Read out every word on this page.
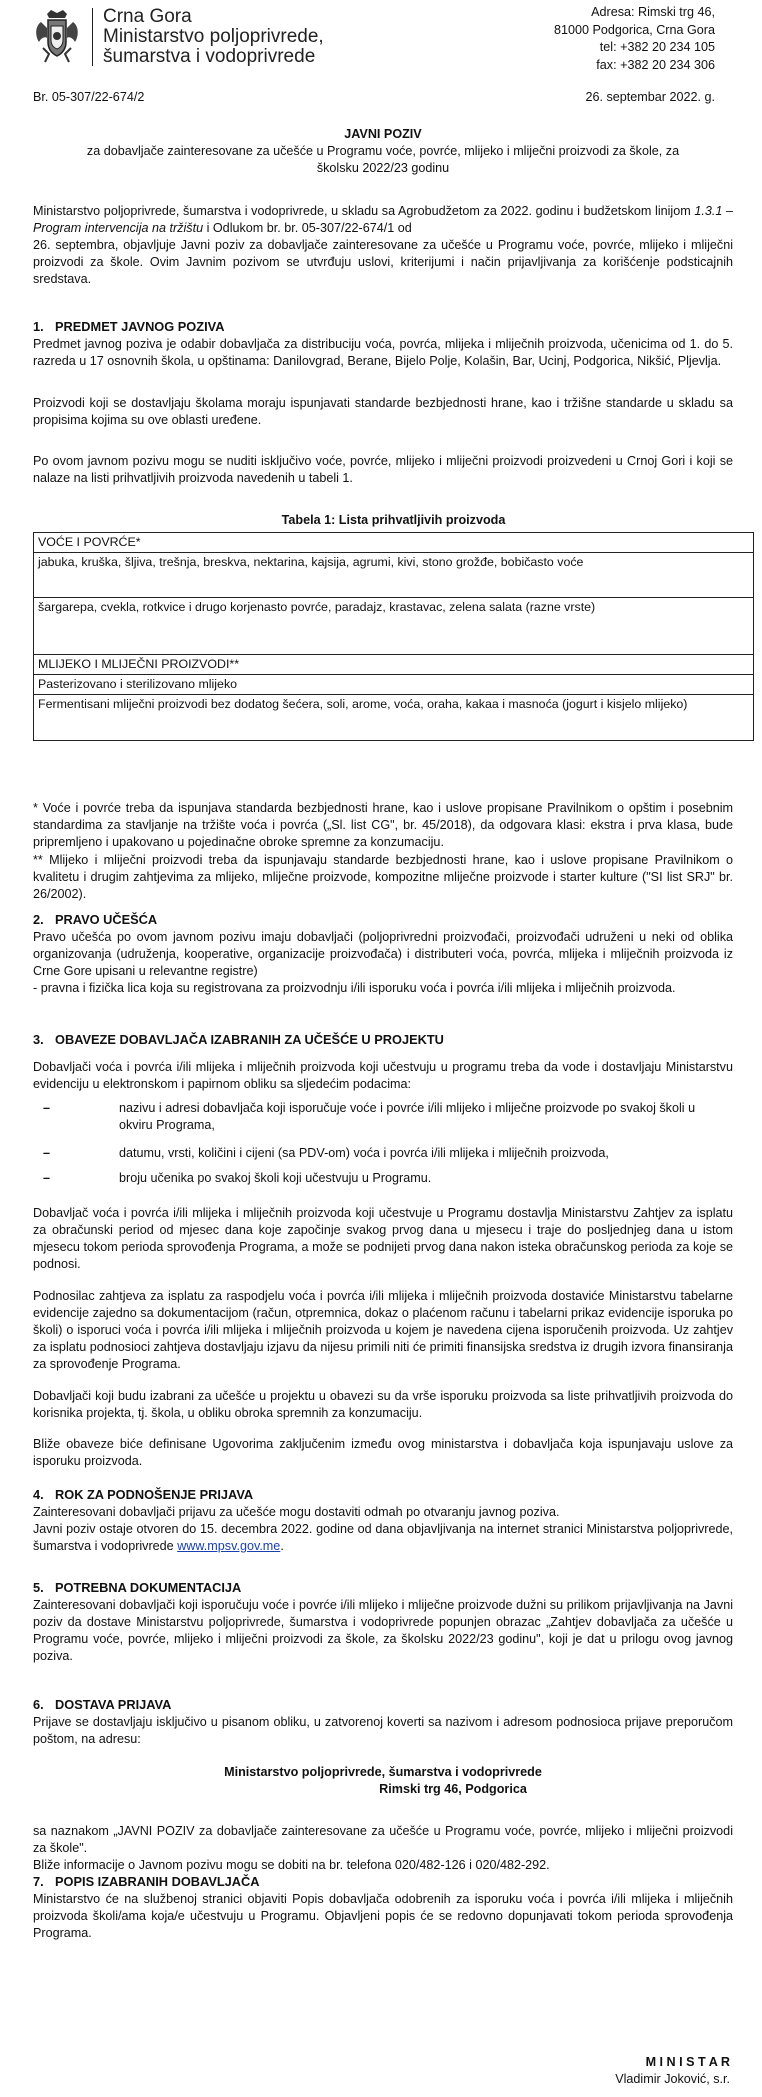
Crna Gora
Ministarstvo poljoprivrede,
šumarstva i vodoprivrede
Adresa: Rimski trg 46,
81000 Podgorica, Crna Gora
tel: +382 20 234 105
fax: +382 20 234 306
Br. 05-307/22-674/2	26. septembar 2022. g.
JAVNI POZIV
za dobavljače zainteresovane za učešće u Programu voće, povrće, mlijeko i mliječni proizvodi za škole, za
školsku 2022/23 godinu

Ministarstvo poljoprivrede, šumarstva i vodoprivrede, u skladu sa Agrobudžetom za 2022. godinu i budžetskom linijom 1.3.1 – Program intervencija na tržištu i Odlukom br. br. 05-307/22-674/1 od
26. septembra, objavljuje Javni poziv za dobavljače zainteresovane za učešće u Programu voće, povrće, mlijeko i mliječni proizvodi za škole. Ovim Javnim pozivom se utvrđuju uslovi, kriterijumi i način prijavljivanja za korišćenje podsticajnih sredstava.

1. PREDMET JAVNOG POZIVA

Predmet javnog poziva je odabir dobavljača za distribuciju voća, povrća, mlijeka i mliječnih proizvoda, učenicima od 1. do 5. razreda u 17 osnovnih škola, u opštinama: Danilovgrad, Berane, Bijelo Polje, Kolašin, Bar, Ucinj, Podgorica, Nikšić, Pljevlja.

Proizvodi koji se dostavljaju školama moraju ispunjavati standarde bezbjednosti hrane, kao i tržišne standarde u skladu sa propisima kojima su ove oblasti uređene.

Po ovom javnom pozivu mogu se nuditi isključivo voće, povrće, mlijeko i mliječni proizvodi proizvedeni u Crnoj Gori i koji se nalaze na listi prihvatljivih proizvoda navedenih u tabeli 1.

Tabela 1: Lista prihvatljivih proizvoda
VOĆE I POVRĆE*
jabuka, kruška, šljiva, trešnja, breskva, nektarina, kajsija, agrumi, kivi, stono grožđe, bobičasto voće
šargarepa, cvekla, rotkvice i drugo korjenasto povrće, paradajz, krastavac, zelena salata (razne vrste)
MLIJEKO I MLIJEČNI PROIZVODI**
Pasterizovano i sterilizovano mlijeko
Fermentisani mliječni proizvodi bez dodatog šećera, soli, arome, voća, oraha, kakaa i masnoća (jogurt i kisjelo mlijeko)

* Voće i povrće treba da ispunjava standarda bezbjednosti hrane, kao i uslove propisane Pravilnikom o opštim i posebnim standardima za stavljanje na tržište voća i povrća („Sl. list CG", br. 45/2018), da odgovara klasi: ekstra i prva klasa, bude pripremljeno i upakovano u pojedinačne obroke spremne za konzumaciju.

** Mlijeko i mliječni proizvodi treba da ispunjavaju standarde bezbjednosti hrane, kao i uslove propisane Pravilnikom o kvalitetu i drugim zahtjevima za mlijeko, mliječne proizvode, kompozitne mliječne proizvode i starter kulture ("SI list SRJ" br. 26/2002).

2. PRAVO UČEŠĆA

Pravo učešća po ovom javnom pozivu imaju dobavljači (poljoprivredni proizvođači, proizvođači udruženi u neki od oblika organizovanja (udruženja, kooperative, organizacije proizvođača) i distributeri voća, povrća, mlijeka i mliječnih proizvoda iz Crne Gore upisani u relevantne registre)

- pravna i fizička lica koja su registrovana za proizvodnju i/ili isporuku voća i povrća i/ili mlijeka i mliječnih proizvoda.

3. OBAVEZE DOBAVLJAČA IZABRANIH ZA UČEŠĆE U PROJEKTU

Dobavljači voća i povrća i/ili mlijeka i mliječnih proizvoda koji učestvuju u programu treba da vode i dostavljaju Ministarstvu evidenciju u elektronskom i papirnom obliku sa sljedećim podacima:

–	nazivu i adresi dobavljača koji isporučuje voće i povrće i/ili mlijeko i mliječne proizvode po svakoj školi u okviru Programa,
–	datumu, vrsti, količini i cijeni (sa PDV-om) voća i povrća i/ili mlijeka i mliječnih proizvoda,
–	broju učenika po svakoj školi koji učestvuju u Programu.

Dobavljač voća i povrća i/ili mlijeka i mliječnih proizvoda koji učestvuje u Programu dostavlja Ministarstvu Zahtjev za isplatu za obračunski period od mjesec dana koje započinje svakog prvog dana u mjesecu i traje do posljednjeg dana u istom mjesecu tokom perioda sprovođenja Programa, a može se podnijeti prvog dana nakon isteka obračunskog perioda za koje se podnosi.

Podnosilac zahtjeva za isplatu za raspodjelu voća i povrća i/ili mlijeka i mliječnih proizvoda dostaviće Ministarstvu tabelarne evidencije zajedno sa dokumentacijom (račun, otpremnica, dokaz o plaćenom računu i tabelarni prikaz evidencije isporuka po školi) o isporuci voća i povrća i/ili mlijeka i mliječnih proizvoda u kojem je navedena cijena isporučenih proizvoda. Uz zahtjev za isplatu podnosioci zahtjeva dostavljaju izjavu da nijesu primili niti će primiti finansijska sredstva iz drugih izvora finansiranja za sprovođenje Programa.

Dobavljači koji budu izabrani za učešće u projektu u obavezi su da vrše isporuku proizvoda sa liste prihvatljivih proizvoda do korisnika projekta, tj. škola, u obliku obroka spremnih za konzumaciju.

Bliže obaveze biće definisane Ugovorima zaključenim između ovog ministarstva i dobavljača koja ispunjavaju uslove za isporuku proizvoda.

4. ROK ZA PODNOŠENJE PRIJAVA

Zainteresovani dobavljači prijavu za učešće mogu dostaviti odmah po otvaranju javnog poziva.

Javni poziv ostaje otvoren do 15. decembra 2022. godine od dana objavljivanja na internet stranici Ministarstva poljoprivrede, šumarstva i vodoprivrede www.mpsv.gov.me.

5. POTREBNA DOKUMENTACIJA

Zainteresovani dobavljači koji isporučuju voće i povrće i/ili mlijeko i mliječne proizvode dužni su prilikom prijavljivanja na Javni poziv da dostave Ministarstvu poljoprivrede, šumarstva i vodoprivrede popunjen obrazac „Zahtjev dobavljača za učešće u Programu voće, povrće, mlijeko i mliječni proizvodi za škole, za školsku 2022/23 godinu", koji je dat u prilogu ovog javnog poziva.

6. DOSTAVA PRIJAVA

Prijave se dostavljaju isključivo u pisanom obliku, u zatvorenoj koverti sa nazivom i adresom podnosioca prijave preporučom poštom, na adresu:

Ministarstvo poljoprivrede, šumarstva i vodoprivrede
Rimski trg 46, Podgorica

sa naznakom „JAVNI POZIV za dobavljače zainteresovane za učešće u Programu voće, povrće, mlijeko i mliječni proizvodi za škole".

Bliže informacije o Javnom pozivu mogu se dobiti na br. telefona 020/482-126 i 020/482-292.

7. POPIS IZABRANIH DOBAVLJAČA

Ministarstvo će na službenoj stranici objaviti Popis dobavljača odobrenih za isporuku voća i povrća i/ili mlijeka i mliječnih proizvoda školi/ama koja/e učestvuju u Programu. Objavljeni popis će se redovno dopunjavati tokom perioda sprovođenja Programa.

M I N I S T A R
Vladimir Joković, s.r.
